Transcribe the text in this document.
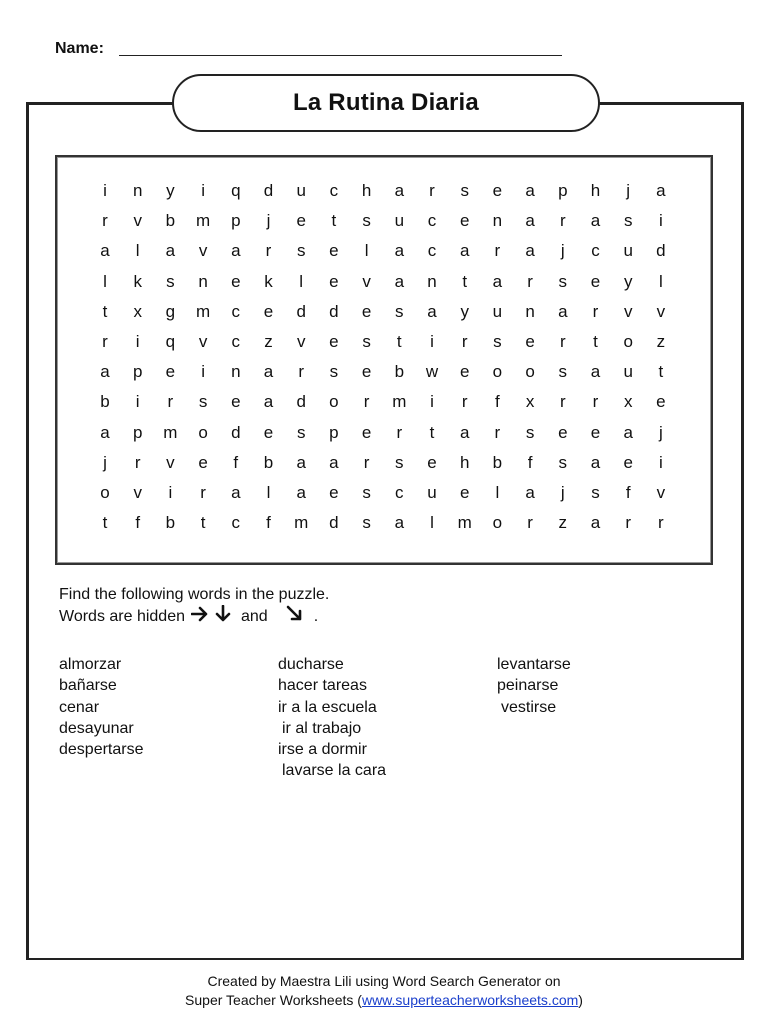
Name:
La Rutina Diaria
i	n	y	i	q	d	u	c	h	a	r	s	e	a	p	h	j	a
r	v	b	m	p	j	e	t	s	u	c	e	n	a	r	a	s	i
a	l	a	v	a	r	s	e	l	a	c	a	r	a	j	c	u	d
l	k	s	n	e	k	l	e	v	a	n	t	a	r	s	e	y	l
t	x	g	m	c	e	d	d	e	s	a	y	u	n	a	r	v	v
r	i	q	v	c	z	v	e	s	t	i	r	s	e	r	t	o	z
a	p	e	i	n	a	r	s	e	b	w	e	o	o	s	a	u	t
b	i	r	s	e	a	d	o	r	m	i	r	f	x	r	r	x	e
a	p	m	o	d	e	s	p	e	r	t	a	r	s	e	e	a	j
j	r	v	e	f	b	a	a	r	s	e	h	b	f	s	a	e	i
o	v	i	r	a	l	a	e	s	c	u	e	l	a	j	s	f	v
t	f	b	t	c	f	m	d	s	a	l	m	o	r	z	a	r	r
Find the following words in the puzzle.
Words are hidden	and	.
almorzar
bañarse
cenar
desayunar
despertarse
ducharse
hacer tareas
ir a la escuela
ir al trabajo
irse a dormir
lavarse la cara
levantarse
peinarse
vestirse
Created by Maestra Lili using Word Search Generator on
Super Teacher Worksheets (www.superteacherworksheets.com)
